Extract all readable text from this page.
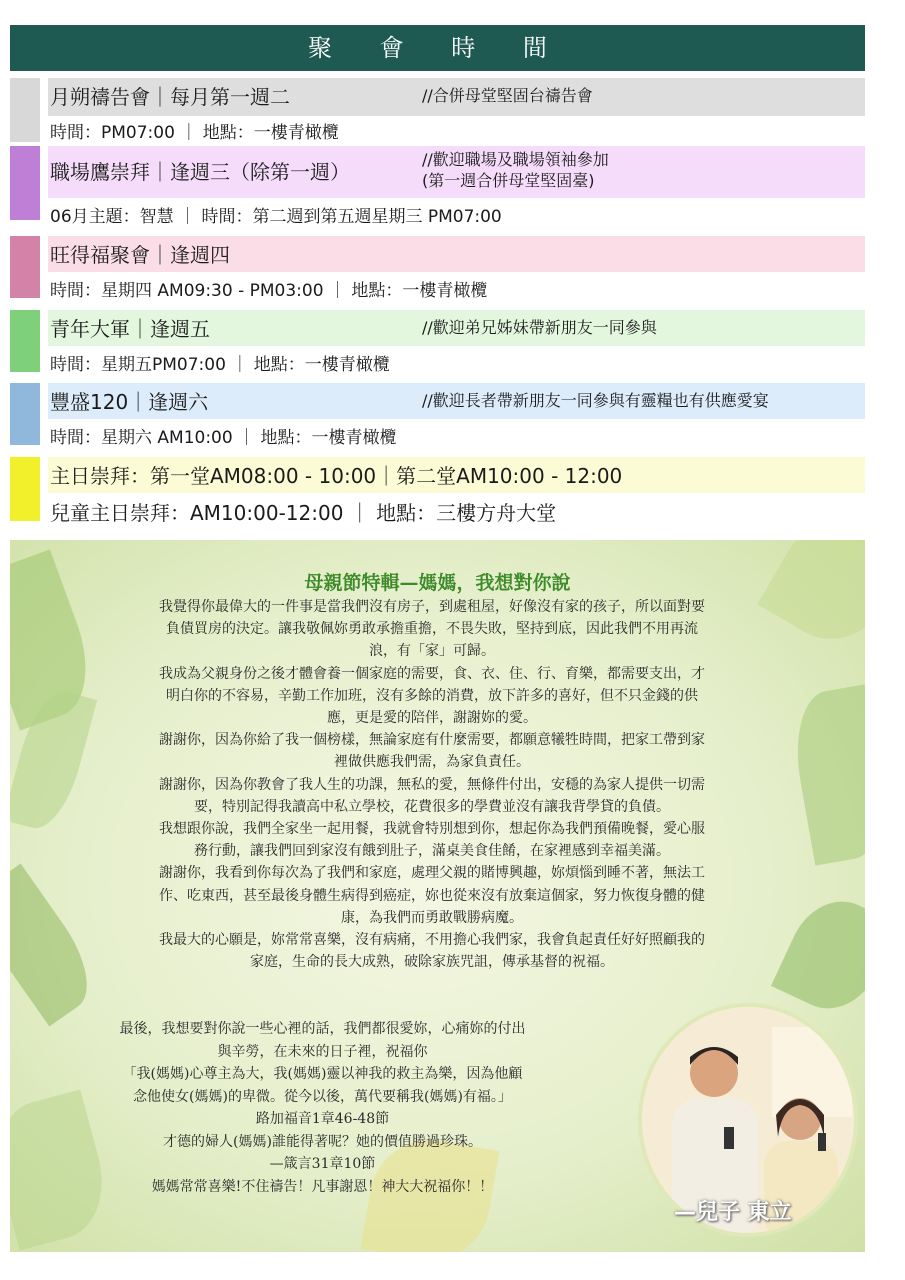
聚 會 時 間
月朔禱告會｜每月第一週二	//合併母堂堅固台禱告會
時間：PM07:00 ｜ 地點：一樓青橄欖
職場鷹崇拜｜逢週三（除第一週）
//歡迎職場及職場領袖參加
(第一週合併母堂堅固臺)
06月主題：智慧 ｜ 時間：第二週到第五週星期三 PM07:00
旺得福聚會｜逢週四
時間：星期四 AM09:30 - PM03:00 ｜ 地點：一樓青橄欖
青年大軍｜逢週五	//歡迎弟兄姊妹帶新朋友一同參與
時間：星期五PM07:00 ｜ 地點：一樓青橄欖
豐盛120｜逢週六	//歡迎長者帶新朋友一同參與有靈糧也有供應愛宴
時間：星期六 AM10:00 ｜ 地點：一樓青橄欖
主日崇拜：第一堂AM08:00 - 10:00｜第二堂AM10:00 - 12:00
兒童主日崇拜：AM10:00-12:00 ｜ 地點：三樓方舟大堂
母親節特輯—媽媽，我想對你說

我覺得你最偉大的一件事是當我們沒有房子，到處租屋，好像沒有家的孩子，所以面對要

負債買房的決定。讓我敬佩妳勇敢承擔重擔，不畏失敗，堅持到底，因此我們不用再流

浪，有「家」可歸。

我成為父親身份之後才體會養一個家庭的需要，食、衣、住、行、育樂，都需要支出，才

明白你的不容易，辛勤工作加班，沒有多餘的消費，放下許多的喜好，但不只金錢的供

應，更是愛的陪伴，謝謝妳的愛。

謝謝你，因為你給了我一個榜樣，無論家庭有什麼需要，都願意犧牲時間，把家工帶到家

裡做供應我們需，為家負責任。

謝謝你，因為你教會了我人生的功課，無私的愛，無條件付出，安穩的為家人提供一切需

要，特別記得我讀高中私立學校，花費很多的學費並沒有讓我背學貸的負債。

我想跟你說，我們全家坐一起用餐，我就會特別想到你，想起你為我們預備晚餐，愛心服

務行動，讓我們回到家沒有餓到肚子，滿桌美食佳餚，在家裡感到幸福美滿。

謝謝你，我看到你每次為了我們和家庭，處理父親的賭博興趣，妳煩惱到睡不著，無法工

作、吃東西，甚至最後身體生病得到癌症，妳也從來沒有放棄這個家，努力恢復身體的健

康，為我們而勇敢戰勝病魔。

我最大的心願是，妳常常喜樂，沒有病痛，不用擔心我們家，我會負起責任好好照顧我的

家庭，生命的長大成熟，破除家族咒詛，傳承基督的祝福。

最後，我想要對你說一些心裡的話，我們都很愛妳，心痛妳的付出

與辛勞，在未來的日子裡，祝福你

「我(媽媽)心尊主為大，我(媽媽)靈以神我的救主為樂，因為他顧

念他使女(媽媽)的卑微。從今以後，萬代要稱我(媽媽)有福。」

路加福音1章46-48節

才德的婦人(媽媽)誰能得著呢？她的價值勝過珍珠。

—箴言31章10節

媽媽常常喜樂!不住禱告！凡事謝恩！神大大祝福你！！

—兒子 東立
